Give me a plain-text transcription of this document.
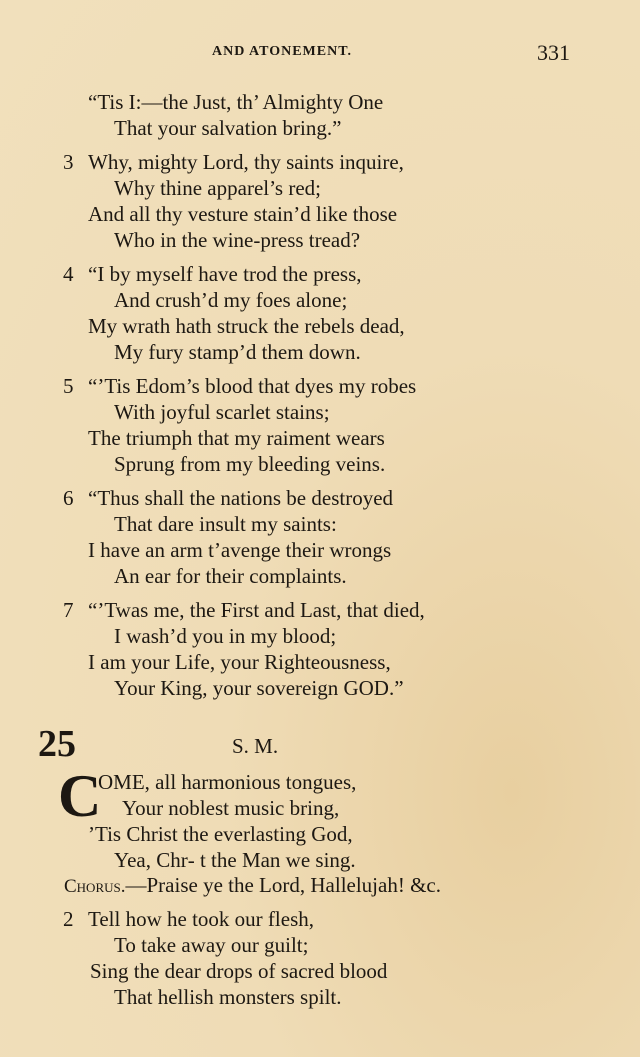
AND ATONEMENT.	331
“Tis I:—the Just, th’ Almighty One
That your salvation bring.”
3 Why, mighty Lord, thy saints inquire,
Why thine apparel’s red;
And all thy vesture stain’d like those
Who in the wine-press tread?
4 “I by myself have trod the press,
And crush’d my foes alone;
My wrath hath struck the rebels dead,
My fury stamp’d them down.
5 “’Tis Edom’s blood that dyes my robes
With joyful scarlet stains;
The triumph that my raiment wears
Sprung from my bleeding veins.
6 “Thus shall the nations be destroyed
That dare insult my saints:
I have an arm t’avenge their wrongs
An ear for their complaints.
7 “’Twas me, the First and Last, that died,
I wash’d you in my blood;
I am your Life, your Righteousness,
Your King, your sovereign GOD.”
25	S. M.
C
OME, all harmonious tongues,
Your noblest music bring,
’Tis Christ the everlasting God,
Yea, Chr‑ t the Man we sing.
Chorus.—Praise ye the Lord, Hallelujah! &c.
2 Tell how he took our flesh,
To take away our guilt;
Sing the dear drops of sacred blood
That hellish monsters spilt.
